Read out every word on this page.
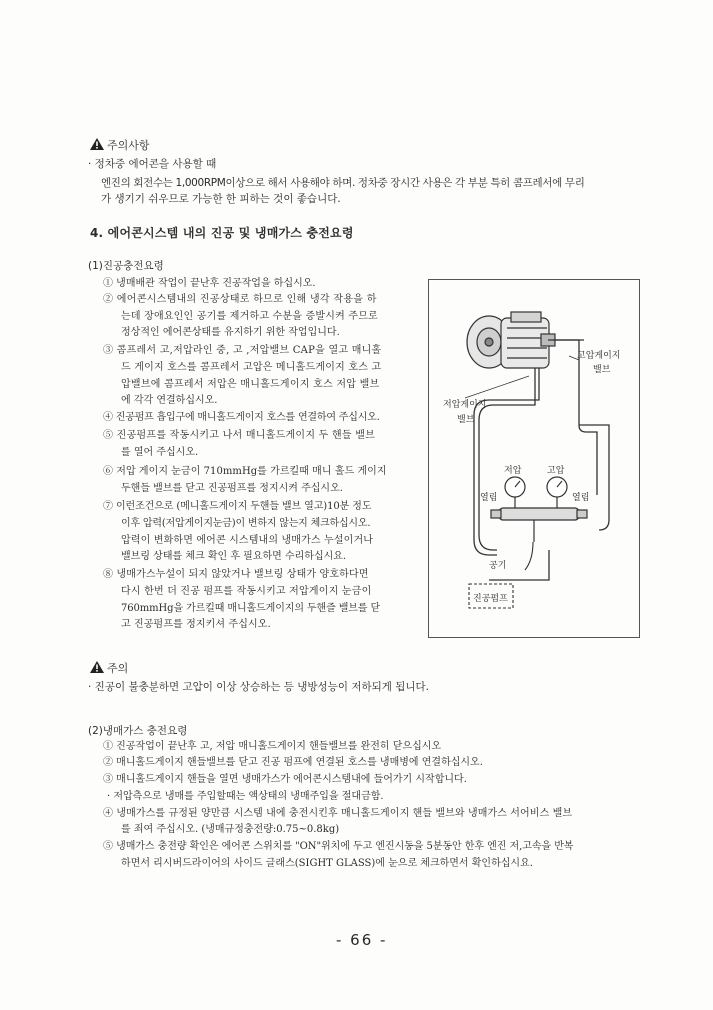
주의사항
· 정차중 에어콘을 사용할 때
엔진의 회전수는 1,000RPM이상으로 해서 사용해야 하며. 정차중 장시간 사용은 각 부분 특히 콤프레서에 무리
가 생기기 쉬우므로 가능한 한 피하는 것이 좋습니다.
4. 에어콘시스템 내의 진공 및 냉매가스 충전요령
(1)진공충전요령
① 냉매배관 작업이 끝난후 진공작업을 하십시오.
② 에어콘시스템내의 진공상태로 하므로 인해 냉각 작용을 하
는데 장애요인인 공기를 제거하고 수분을 증발시켜 주므로
정상적인 에어콘상태를 유지하기 위한 작업입니다.
③ 콤프레서 고,저압라인 중, 고 ,저압밸브 CAP을 열고 매니홀
드 게이지 호스를 콤프레서 고압은 메니홀드게이지 호스 고
압밸브에 콤프레서 저압은 매니홀드게이지 호스 저압 밸브
에 각각 연결하십시오.
④ 진공펌프 흡입구에 매니홀드게이지 호스를 연결하여 주십시오.
⑤ 진공펌프를 작동시키고 나서 매니홀드게이지 두 핸들 밸브
를 열어 주십시오.
⑥ 저압 게이지 눈금이 710mmHg를 가르킬때 매니 홀드 게이지
두핸들 밸브를 닫고 진공펌프를 정지시켜 주십시오.
⑦ 이런조건으로 (메니홀드게이지 두핸들 밸브 열고)10분 정도
이후 압력(저압게이지눈금)이 변하지 않는지 체크하십시오.
압력이 변화하면 에어콘 시스템내의 냉매가스 누설이거나
밸브링 상태를 체크 확인 후 필요하면 수리하십시요.
⑧ 냉매가스누설이 되지 않았거나 밸브링 상태가 양호하다면
다시 한번 더 진공 펌프를 작동시키고 저압게이지 눈금이
760mmHg을 가르킬때 매니홀드게이지의 두핸즐 밸브를 닫
고 진공펌프를 정지키셔 주십시오.
고압게이지
밸브
저압게이지
밸브
저압	고압
열림	열림
공기
진공펌프
주의
· 진공이 불충분하면 고압이 이상 상승하는 등 냉방성능이 저하되게 됩니다.
(2)냉매가스 충전요령
① 진공작업이 끝난후 고, 저압 매니홀드게이지 핸들밸브를 완전히 닫으십시오
② 매니홀드게이지 핸들밸브를 닫고 진공 펌프에 연결된 호스를 냉매병에 연결하십시오.
③ 매니홀드게이지 핸들을 열면 냉매가스가 에어콘시스템내에 들어가기 시작합니다.
· 저압측으로 냉매를 주입할때는 액상태의 냉매주입을 절대금함.
④ 냉매가스를 규정된 양만큼 시스템 내에 충전시킨후 매니홀드게이지 핸들 밸브와 냉매가스 서어비스 밸브
를 죄여 주십시오. (냉매규정충전량:0.75~0.8kg)
⑤ 냉매가스 충전량 확인은 에어콘 스위치를 "ON"위치에 두고 엔진시동을 5분동안 한후 엔진 저,고속을 반복
하면서 리시버드라이어의 사이드 글래스(SIGHT GLASS)에 눈으로 체크하면서 확인하십시요.
- 66 -
